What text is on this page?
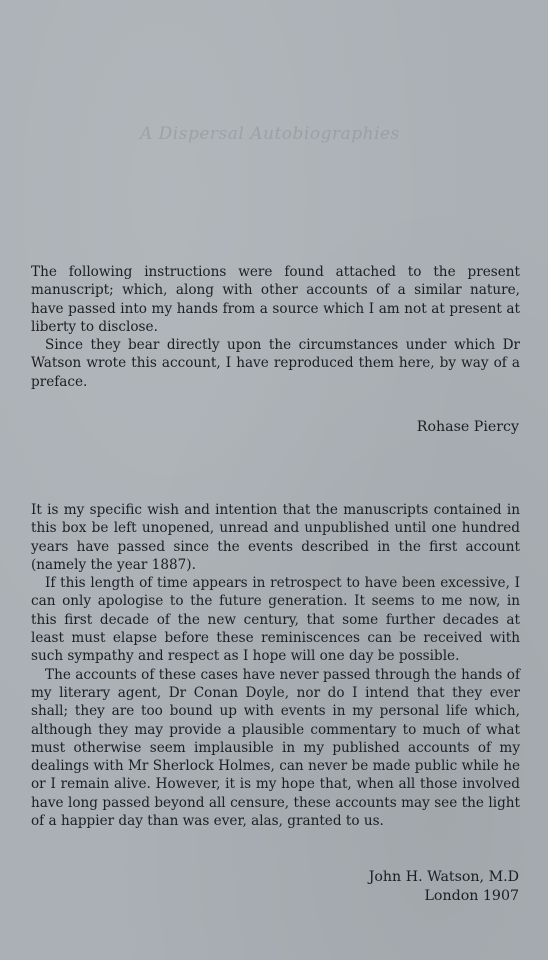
A Dispersal Autobiographies

The following instructions were found attached to the present manuscript; which, along with other accounts of a similar nature, have passed into my hands from a source which I am not at present at liberty to disclose.

Since they bear directly upon the circumstances under which Dr Watson wrote this account, I have reproduced them here, by way of a preface.

Rohase Piercy

It is my specific wish and intention that the manuscripts contained in this box be left unopened, unread and unpublished until one hundred years have passed since the events described in the first account (namely the year 1887).

If this length of time appears in retrospect to have been excessive, I can only apologise to the future generation. It seems to me now, in this first decade of the new century, that some further decades at least must elapse before these reminiscences can be received with such sympathy and respect as I hope will one day be possible.

The accounts of these cases have never passed through the hands of my literary agent, Dr Conan Doyle, nor do I intend that they ever shall; they are too bound up with events in my personal life which, although they may provide a plausible commentary to much of what must otherwise seem implausible in my published accounts of my dealings with Mr Sherlock Holmes, can never be made public while he or I remain alive. However, it is my hope that, when all those involved have long passed beyond all censure, these accounts may see the light of a happier day than was ever, alas, granted to us.

John H. Watson, M.D
London 1907
